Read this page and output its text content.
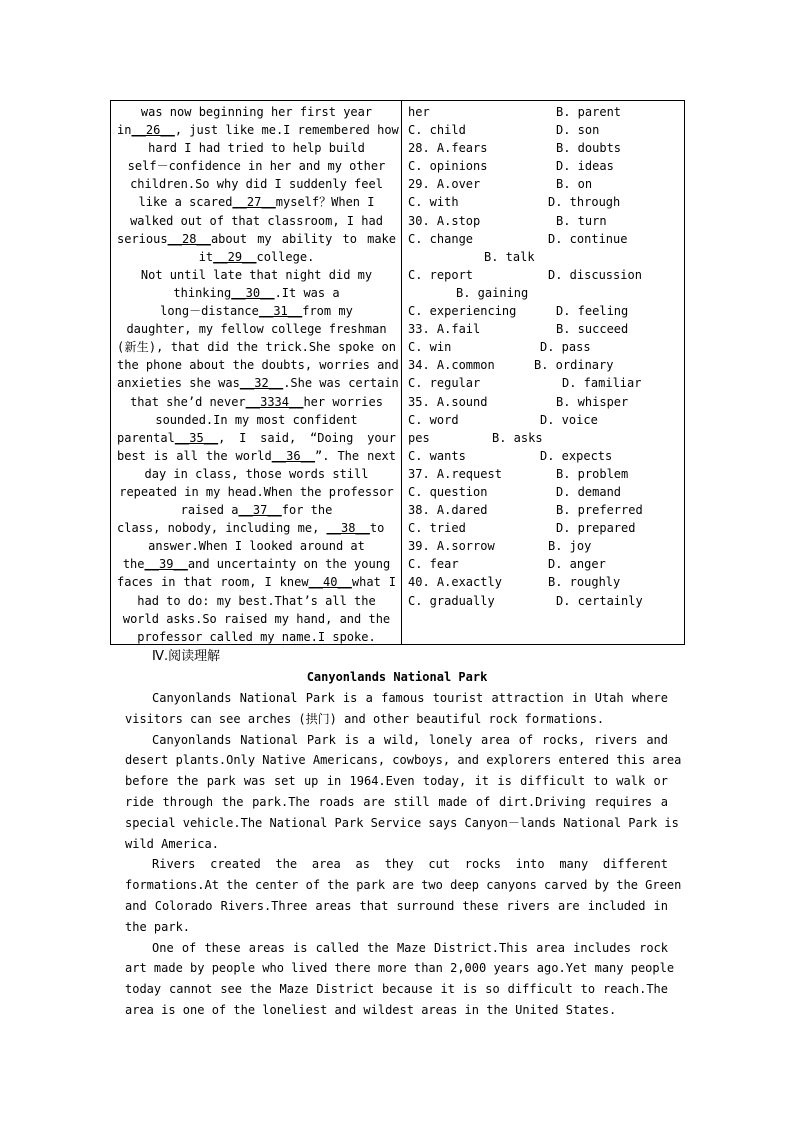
was now beginning her first year
in__26__, just like me.I remembered how
hard I had tried to help build
self－confidence in her and my other
children.So why did I suddenly feel
like a scared__27__myself？When I
walked out of that classroom, I had
serious__28__about my ability to make
it__29__college.
Not until late that night did my
thinking__30__.It was a
long－distance__31__from my
daughter, my fellow college freshman
(新生), that did the trick.She spoke on
the phone about the doubts, worries and
anxieties she was__32__.She was certain
that she’d never__3334__her worries
sounded.In my most confident
parental__35__, I said, “Doing your
best is all the world__36__”. The next
day in class, those words still
repeated in my head.When the professor
raised a__37__for the
class, nobody, including me, __38__to
answer.When I looked around at
the__39__and uncertainty on the young
faces in that room, I knew__40__what I
had to do: my best.That’s all the
world asks.So raised my hand, and the
professor called my name.I spoke.
her	B. parent
C. child	D. son
28. A.fears	B. doubts
C. opinions	D. ideas
29. A.over	B. on
C. with	D. through
30. A.stop	B. turn
C. change	D. continue
B. talk
C. report	D. discussion
B. gaining
C. experiencing	D. feeling
33. A.fail	B. succeed
C. win	D. pass
34. A.common	B. ordinary
C. regular	D. familiar
35. A.sound	B. whisper
C. word	D. voice
pes	B. asks
C. wants	D. expects
37. A.request	B. problem
C. question	D. demand
38. A.dared	B. preferred
C. tried	D. prepared
39. A.sorrow	B. joy
C. fear	D. anger
40. A.exactly	B. roughly
C. gradually	D. certainly
Ⅳ.阅读理解
Canyonlands National Park
Canyonlands National Park is a famous tourist attraction in Utah where
visitors can see arches (拱门) and other beautiful rock formations.
Canyonlands National Park is a wild, lonely area of rocks, rivers and
desert plants.Only Native Americans, cowboys, and explorers entered this area
before the park was set up in 1964.Even today, it is difficult to walk or
ride through the park.The roads are still made of dirt.Driving requires a
special vehicle.The National Park Service says Canyon－lands National Park is
wild America.
Rivers created the area as they cut rocks into many different
formations.At the center of the park are two deep canyons carved by the Green
and Colorado Rivers.Three areas that surround these rivers are included in
the park.
One of these areas is called the Maze District.This area includes rock
art made by people who lived there more than 2,000 years ago.Yet many people
today cannot see the Maze District because it is so difficult to reach.The
area is one of the loneliest and wildest areas in the United States.
